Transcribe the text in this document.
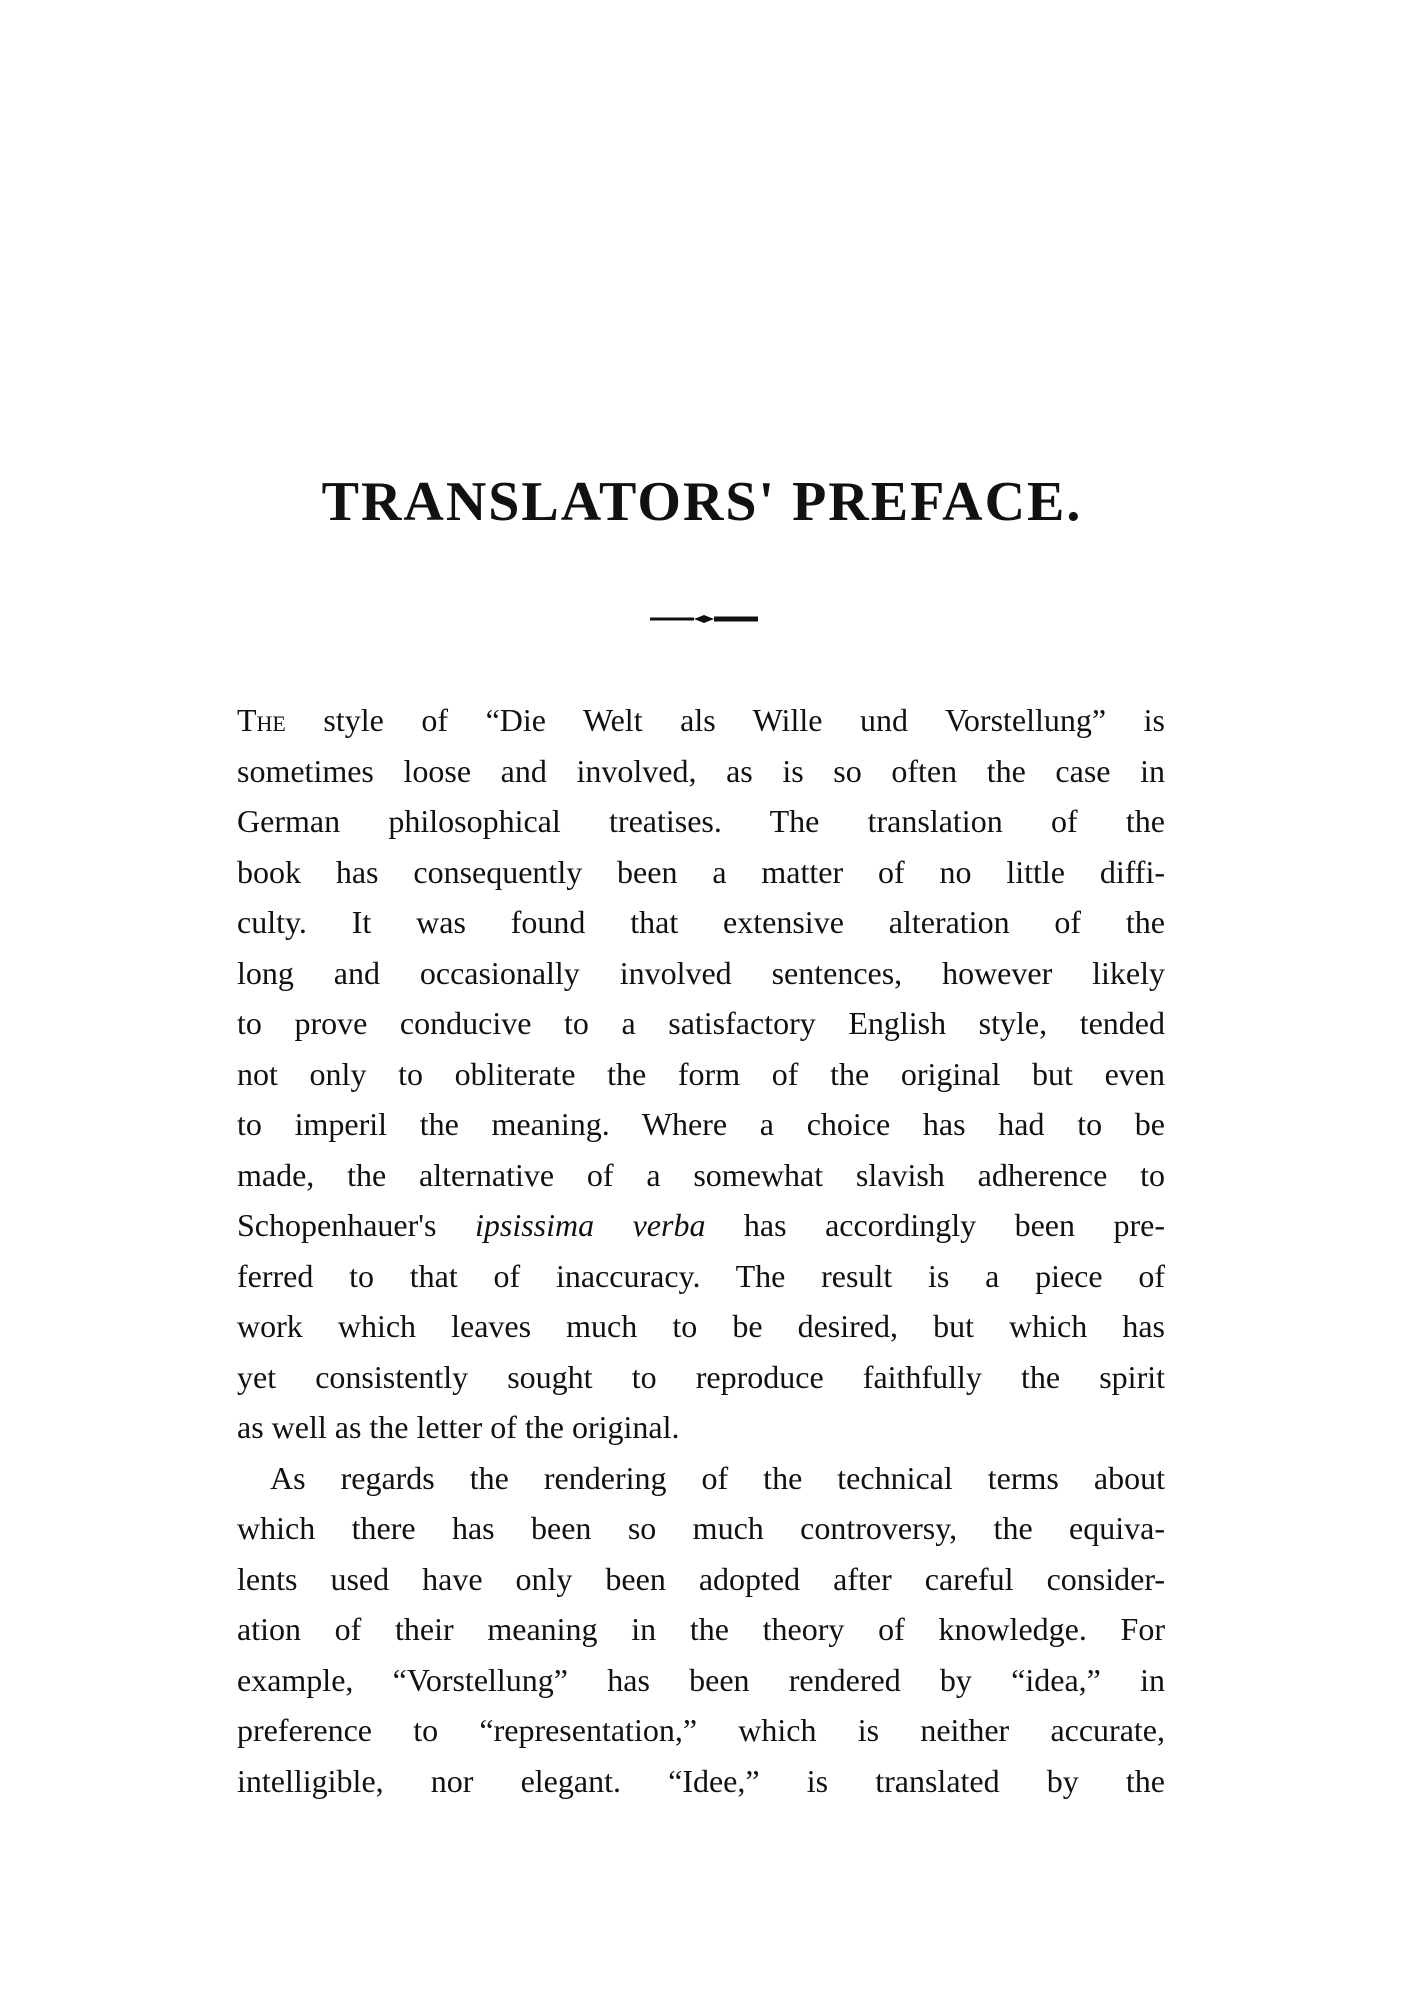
TRANSLATORS' PREFACE.

The style of “Die Welt als Wille und Vorstellung” is
sometimes loose and involved, as is so often the case in
German philosophical treatises. The translation of the
book has consequently been a matter of no little diffi-
culty. It was found that extensive alteration of the
long and occasionally involved sentences, however likely
to prove conducive to a satisfactory English style, tended
not only to obliterate the form of the original but even
to imperil the meaning. Where a choice has had to be
made, the alternative of a somewhat slavish adherence to
Schopenhauer's ipsissima verba has accordingly been pre-
ferred to that of inaccuracy. The result is a piece of
work which leaves much to be desired, but which has
yet consistently sought to reproduce faithfully the spirit
as well as the letter of the original.

As regards the rendering of the technical terms about
which there has been so much controversy, the equiva-
lents used have only been adopted after careful consider-
ation of their meaning in the theory of knowledge. For
example, “Vorstellung” has been rendered by “idea,” in
preference to “representation,” which is neither accurate,
intelligible, nor elegant. “Idee,” is translated by the
